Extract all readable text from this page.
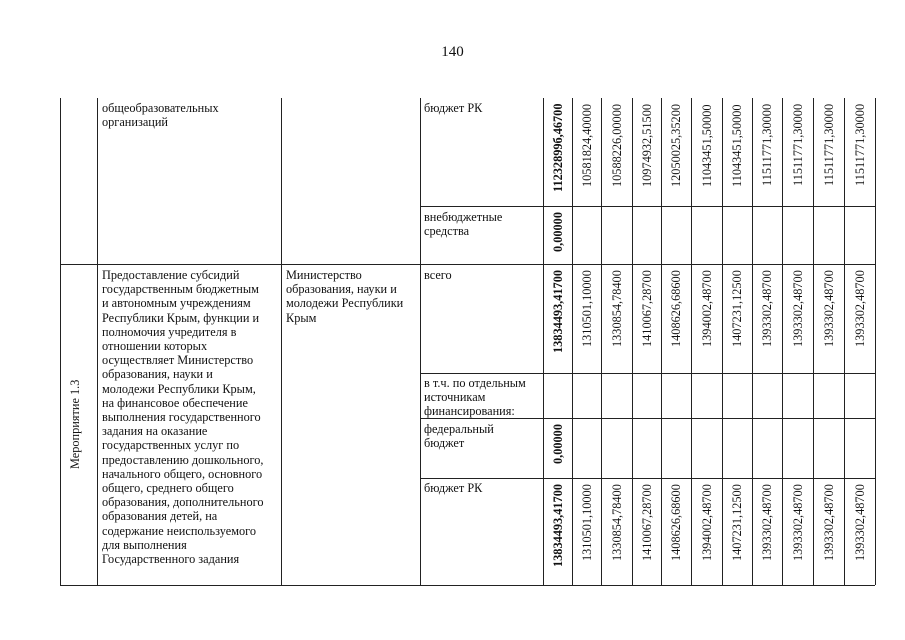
140
Мероприятие 1.3
общеобразовательных
организаций
Предоставление субсидий
государственным бюджетным
и автономным учреждениям
Республики Крым, функции и
полномочия учредителя в
отношении которых
осуществляет Министерство
образования, науки и
молодежи Республики Крым,
на финансовое обеспечение
выполнения государственного
задания на оказание
государственных услуг по
предоставлению дошкольного,
начального общего, основного
общего, среднего общего
образования, дополнительного
образования детей, на
содержание неиспользуемого
для выполнения
Государственного задания
Министерство
образования, науки и
молодежи Республики
Крым
бюджет РК
внебюджетные
средства
всего
в т.ч. по отдельным
источникам
финансирования:
федеральный
бюджет
бюджет РК
11232899б,46700 10581824,40000 10588226,00000 10974932,51500 12050025,35200 11043451,50000 11043451,50000 11511771,30000 11511771,30000 11511771,30000 11511771,30000
0,00000
13834493,41700 1310501,10000 1330854,78400 1410067,28700 1408626,68600 1394002,48700 1407231,12500 1393302,48700 1393302,48700 1393302,48700 1393302,48700
0,00000
13834493,41700 1310501,10000 1330854,78400 1410067,28700 1408626,68600 1394002,48700 1407231,12500 1393302,48700 1393302,48700 1393302,48700 1393302,48700
